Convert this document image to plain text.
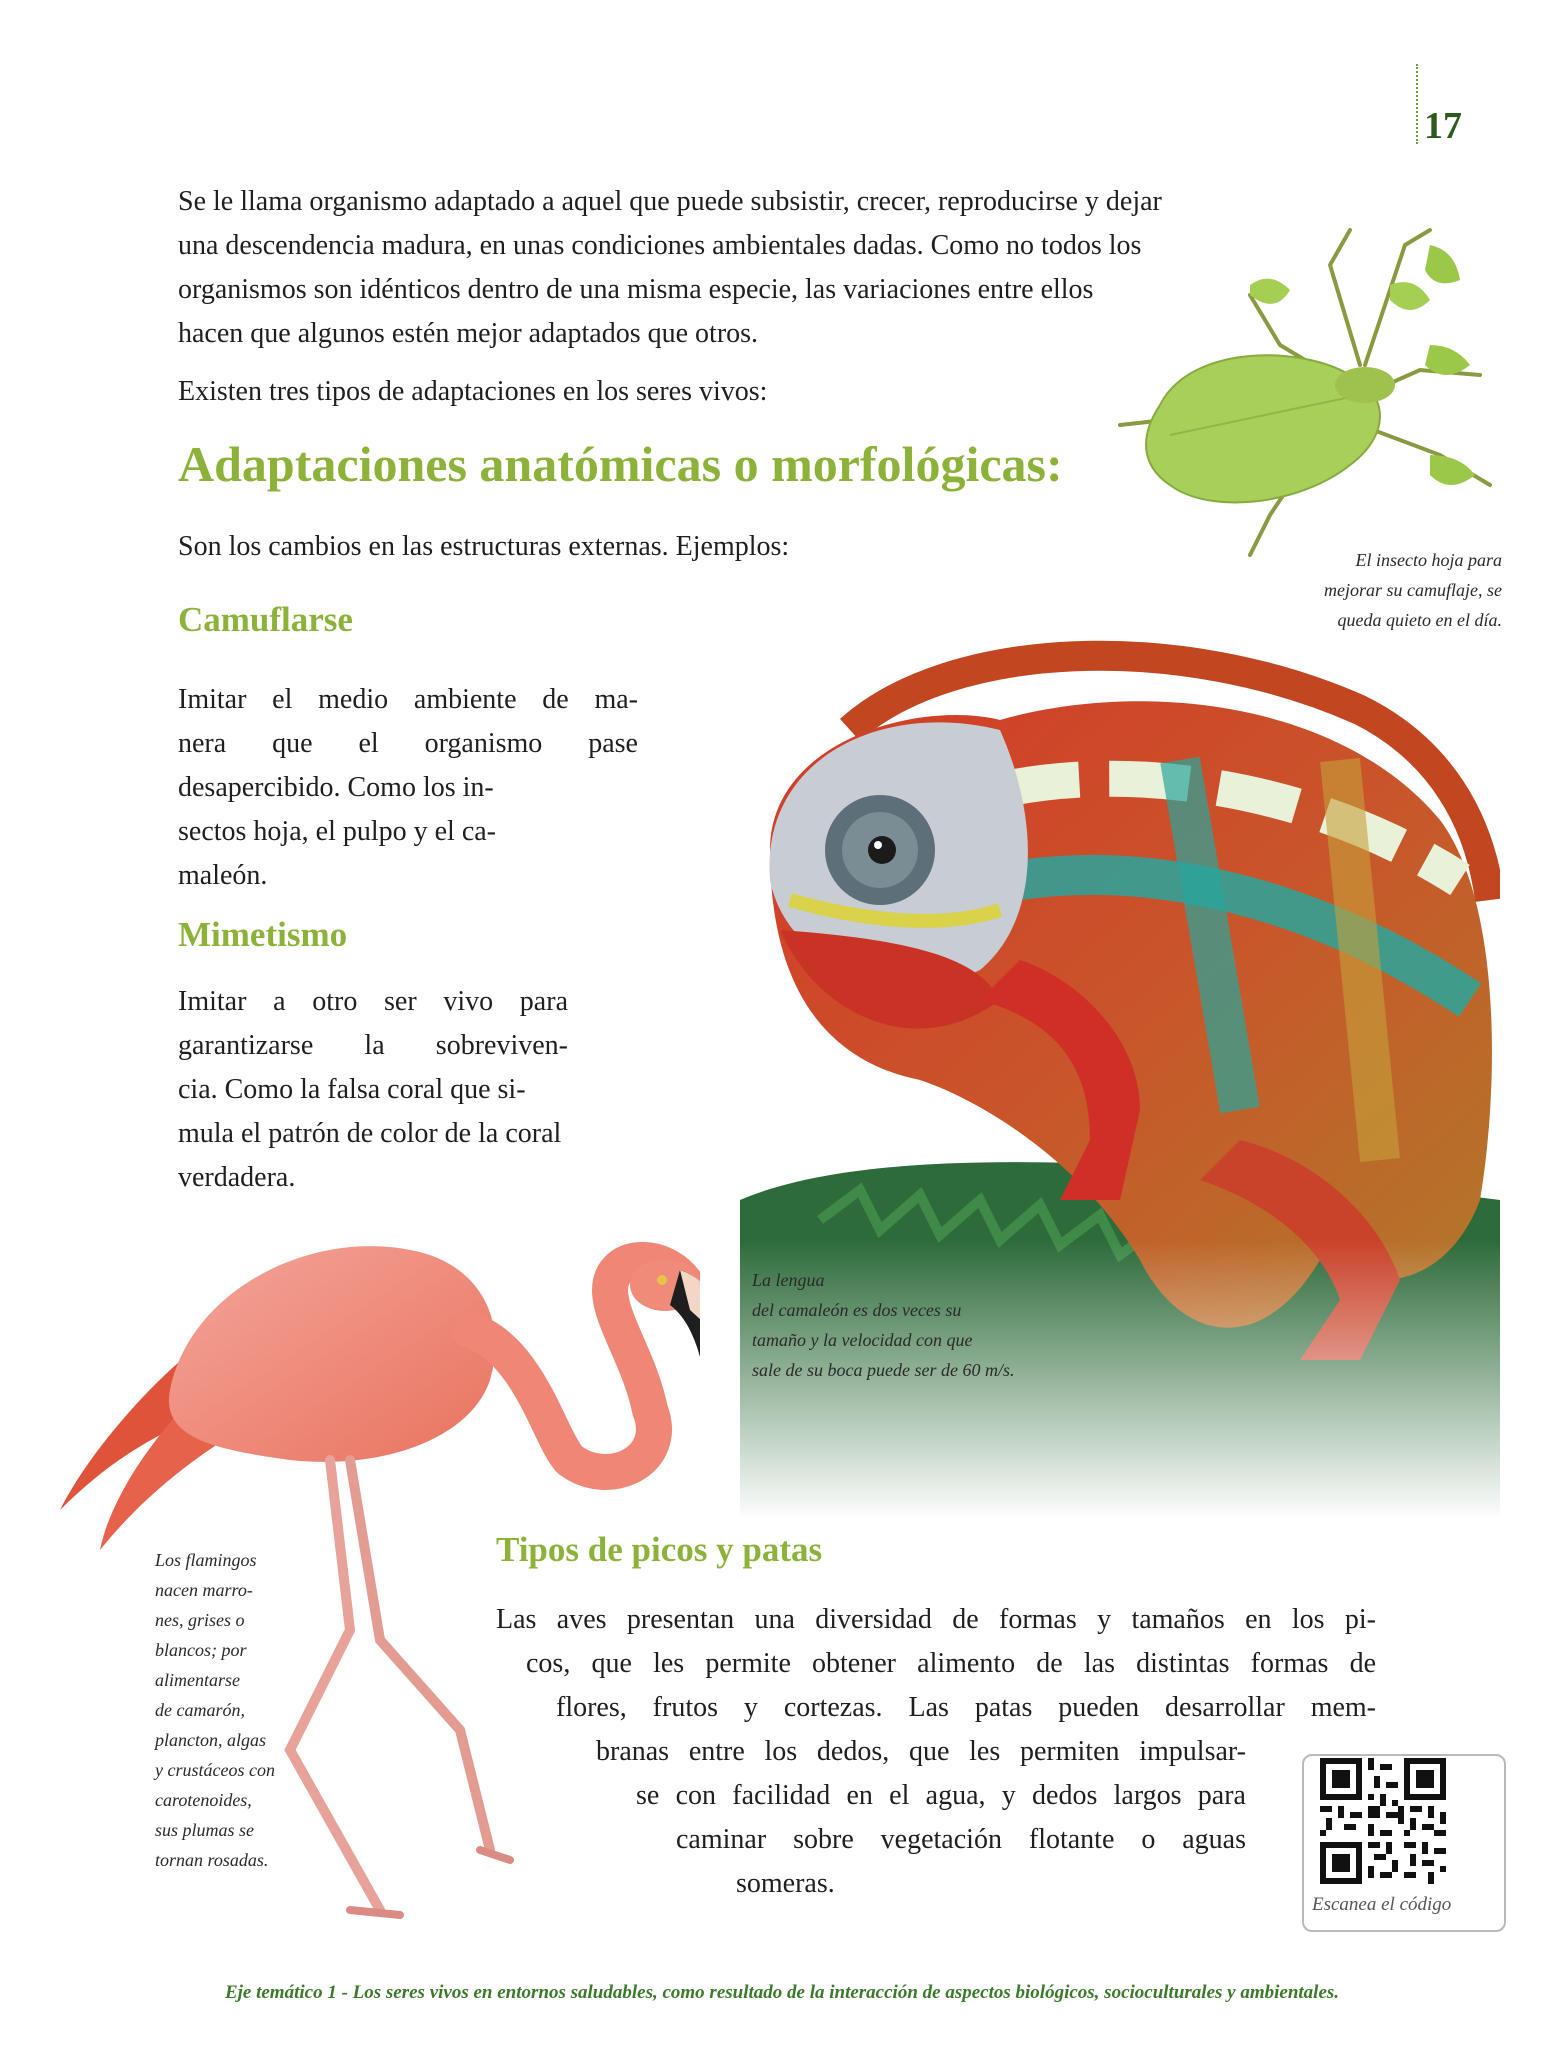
17
Se le llama organismo adaptado a aquel que puede subsistir, crecer, reproducirse y dejar
una descendencia madura, en unas condiciones ambientales dadas. Como no todos los
organismos son idénticos dentro de una misma especie, las variaciones entre ellos
hacen que algunos estén mejor adaptados que otros.
Existen tres tipos de adaptaciones en los seres vivos:
Adaptaciones anatómicas o morfológicas:
Son los cambios en las estructuras externas. Ejemplos:	El insecto hoja para
mejorar su camuflaje, se
queda quieto en el día.
Camuflarse
Imitar el medio ambiente de ma-
nera que el organismo pase
desapercibido. Como los in-
sectos hoja, el pulpo y el ca-
maleón.
Mimetismo
Imitar a otro ser vivo para
garantizarse la sobreviven-
cia. Como la falsa coral que si-
mula el patrón de color de la coral
verdadera.
La lengua
del camaleón es dos veces su
tamaño y la velocidad con que
sale de su boca puede ser de 60 m/s.
Los flamingos
nacen marro-
nes, grises o
blancos; por
alimentarse
de camarón,
plancton, algas
y crustáceos con
carotenoides,
sus plumas se
tornan rosadas.
Tipos de picos y patas
Las aves presentan una diversidad de formas y tamaños en los pi-
cos, que les permite obtener alimento de las distintas formas de
flores, frutos y cortezas. Las patas pueden desarrollar mem-
branas entre los dedos, que les permiten impulsar-
se con facilidad en el agua, y dedos largos para
caminar sobre vegetación flotante o aguas
someras.
Escanea el código
Eje temático 1 - Los seres vivos en entornos saludables, como resultado de la interacción de aspectos biológicos, socioculturales y ambientales.
